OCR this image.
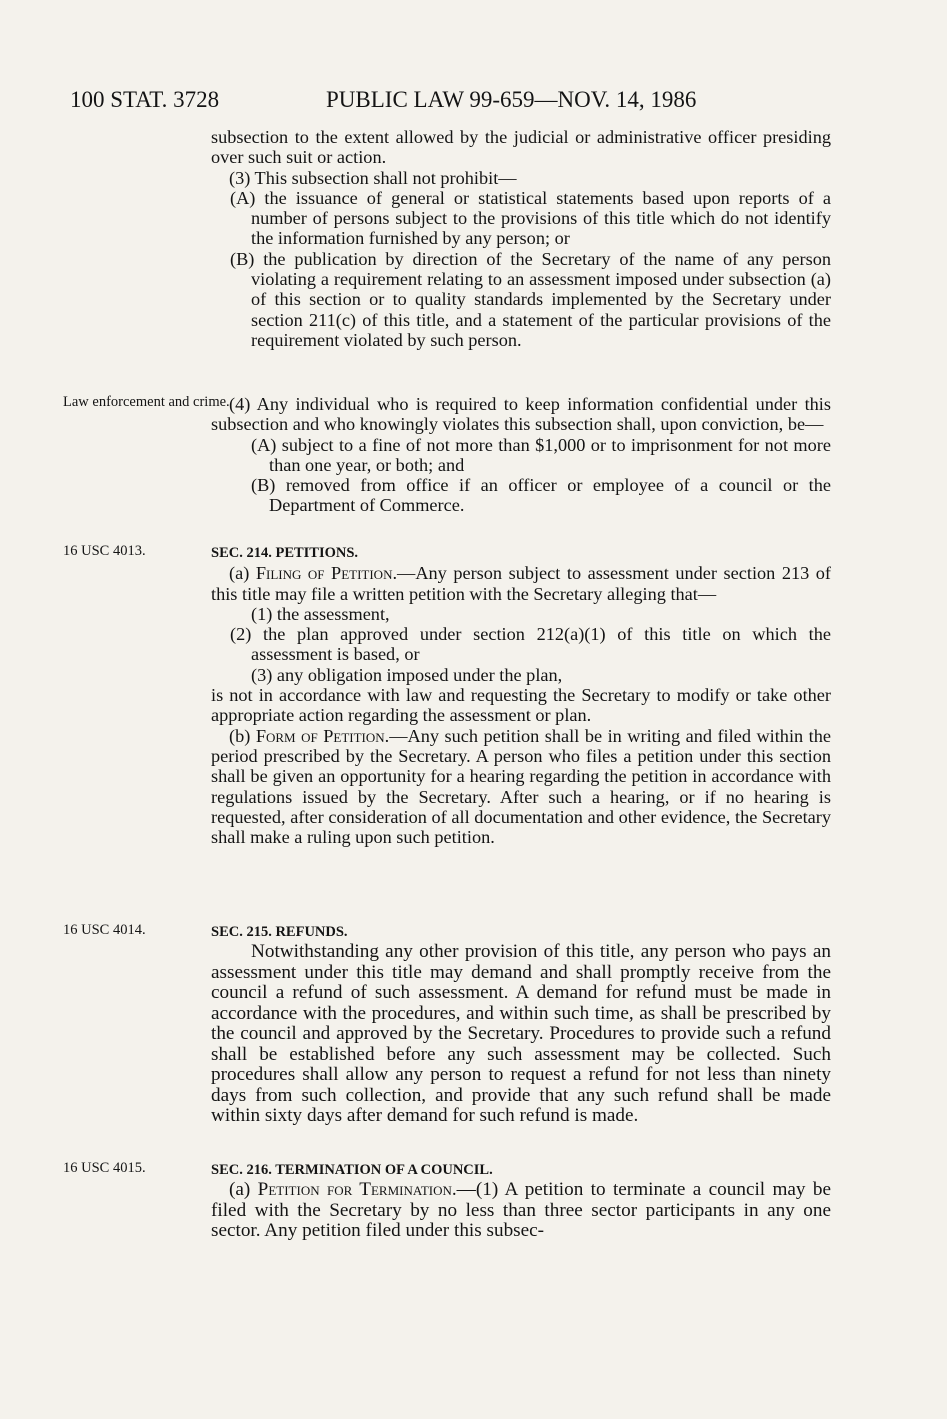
100 STAT. 3728	PUBLIC LAW 99-659—NOV. 14, 1986
Law enforcement and crime.
16 USC 4013.
16 USC 4014.
16 USC 4015.

subsection to the extent allowed by the judicial or administrative officer presiding over such suit or action.

(3) This subsection shall not prohibit—

(A) the issuance of general or statistical statements based upon reports of a number of persons subject to the provisions of this title which do not identify the information furnished by any person; or

(B) the publication by direction of the Secretary of the name of any person violating a requirement relating to an assessment imposed under subsection (a) of this section or to quality standards implemented by the Secretary under section 211(c) of this title, and a statement of the particular provisions of the requirement violated by such person.

(4) Any individual who is required to keep information confidential under this subsection and who knowingly violates this subsection shall, upon conviction, be—

(A) subject to a fine of not more than $1,000 or to imprisonment for not more than one year, or both; and

(B) removed from office if an officer or employee of a council or the Department of Commerce.

SEC. 214. PETITIONS.

(a) Filing of Petition.—Any person subject to assessment under section 213 of this title may file a written petition with the Secretary alleging that—

(1) the assessment,

(2) the plan approved under section 212(a)(1) of this title on which the assessment is based, or

(3) any obligation imposed under the plan,

is not in accordance with law and requesting the Secretary to modify or take other appropriate action regarding the assessment or plan.

(b) Form of Petition.—Any such petition shall be in writing and filed within the period prescribed by the Secretary. A person who files a petition under this section shall be given an opportunity for a hearing regarding the petition in accordance with regulations issued by the Secretary. After such a hearing, or if no hearing is requested, after consideration of all documentation and other evidence, the Secretary shall make a ruling upon such petition.

SEC. 215. REFUNDS.

Notwithstanding any other provision of this title, any person who pays an assessment under this title may demand and shall promptly receive from the council a refund of such assessment. A demand for refund must be made in accordance with the procedures, and within such time, as shall be prescribed by the council and approved by the Secretary. Procedures to provide such a refund shall be established before any such assessment may be collected. Such procedures shall allow any person to request a refund for not less than ninety days from such collection, and provide that any such refund shall be made within sixty days after demand for such refund is made.

SEC. 216. TERMINATION OF A COUNCIL.

(a) Petition for Termination.—(1) A petition to terminate a council may be filed with the Secretary by no less than three sector participants in any one sector. Any petition filed under this subsec-
